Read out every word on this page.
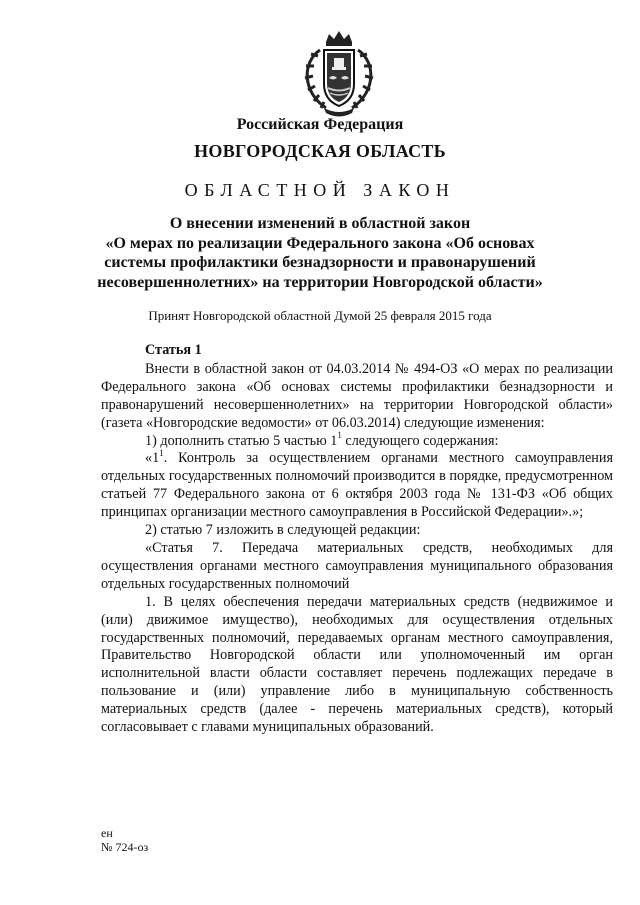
Российская Федерация
НОВГОРОДСКАЯ ОБЛАСТЬ
ОБЛАСТНОЙ ЗАКОН
О внесении изменений в областной закон
«О мерах по реализации Федерального закона «Об основах
системы профилактики безнадзорности и правонарушений
несовершеннолетних» на территории Новгородской области»
Принят Новгородской областной Думой 25 февраля 2015 года

Статья 1

Внести в областной закон от 04.03.2014 № 494-ОЗ «О мерах по реализации Федерального закона «Об основах системы профилактики безнадзорности и правонарушений несовершеннолетних» на территории Новгородской области» (газета «Новгородские ведомости» от 06.03.2014) следующие изменения:

1) дополнить статью 5 частью $1^1$ следующего содержания:

«$1^1$. Контроль за осуществлением органами местного самоуправления отдельных государственных полномочий производится в порядке, предусмотренном статьей 77 Федерального закона от 6 октября 2003 года № 131-ФЗ «Об общих принципах организации местного самоуправления в Российской Федерации».»;

2) статью 7 изложить в следующей редакции:

«Статья 7. Передача материальных средств, необходимых для осуществления органами местного самоуправления муниципального образования отдельных государственных полномочий

1. В целях обеспечения передачи материальных средств (недвижимое и (или) движимое имущество), необходимых для осуществления отдельных государственных полномочий, передаваемых органам местного самоуправления, Правительство Новгородской области или уполномоченный им орган исполнительной власти области составляет перечень подлежащих передаче в пользование и (или) управление либо в муниципальную собственность материальных средств (далее - перечень материальных средств), который согласовывает с главами муниципальных образований.

ен
№ 724-оз
